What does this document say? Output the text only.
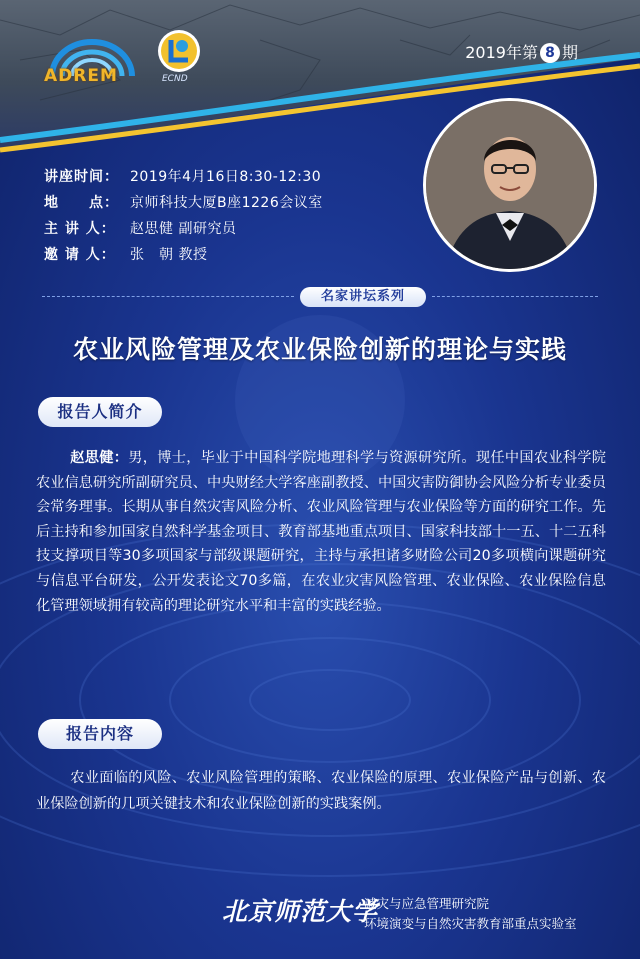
ADREM	ECND
2019年第 8 期
讲座时间： 2019年4月16日8:30-12:30
地　　点： 京师科技大厦B座1226会议室
主 讲 人：	赵思健 副研究员
邀 请 人：	张　朝 教授
名家讲坛系列
农业风险管理及农业保险创新的理论与实践
报告人简介
赵思健：男，博士，毕业于中国科学院地理科学与资源研究所。现任中国农业科学院农业信息研究所副研究员、中央财经大学客座副教授、中国灾害防御协会风险分析专业委员会常务理事。长期从事自然灾害风险分析、农业风险管理与农业保险等方面的研究工作。先后主持和参加国家自然科学基金项目、教育部基地重点项目、国家科技部十一五、十二五科技支撑项目等30多项国家与部级课题研究，主持与承担诸多财险公司20多项横向课题研究与信息平台研发，公开发表论文70多篇，在农业灾害风险管理、农业保险、农业保险信息化管理领域拥有较高的理论研究水平和丰富的实践经验。
报告内容
农业面临的风险、农业风险管理的策略、农业保险的原理、农业保险产品与创新、农业保险创新的几项关键技术和农业保险创新的实践案例。
北京师范大学
减灾与应急管理研究院
环境演变与自然灾害教育部重点实验室
